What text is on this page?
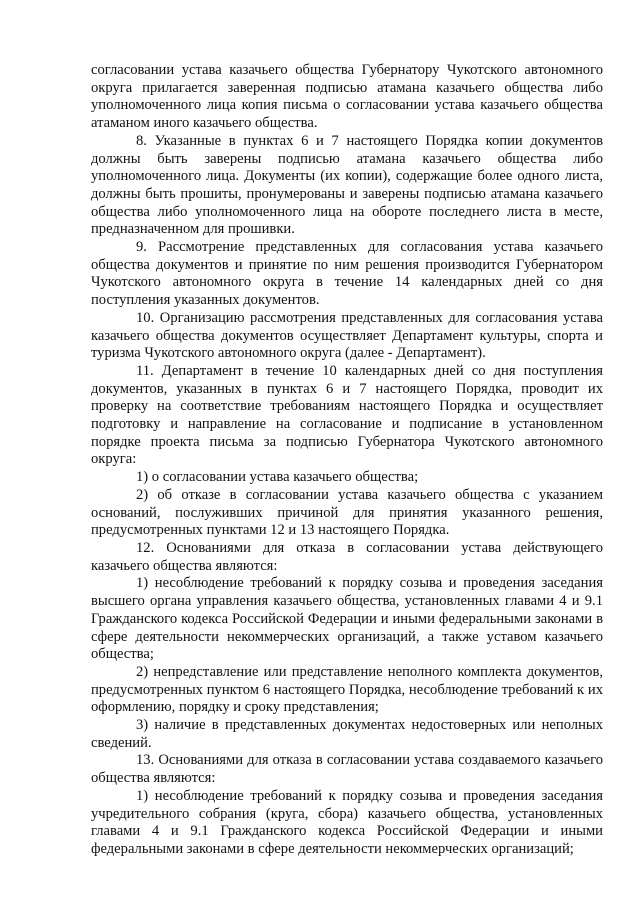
согласовании устава казачьего общества Губернатору Чукотского автономного округа прилагается заверенная подписью атамана казачьего общества либо уполномоченного лица копия письма о согласовании устава казачьего общества атаманом иного казачьего общества.

8. Указанные в пунктах 6 и 7 настоящего Порядка копии документов должны быть заверены подписью атамана казачьего общества либо уполномоченного лица. Документы (их копии), содержащие более одного листа, должны быть прошиты, пронумерованы и заверены подписью атамана казачьего общества либо уполномоченного лица на обороте последнего листа в месте, предназначенном для прошивки.

9. Рассмотрение представленных для согласования устава казачьего общества документов и принятие по ним решения производится Губернатором Чукотского автономного округа в течение 14 календарных дней со дня поступления указанных документов.

10. Организацию рассмотрения представленных для согласования устава казачьего общества документов осуществляет Департамент культуры, спорта и туризма Чукотского автономного округа (далее - Департамент).

11. Департамент в течение 10 календарных дней со дня поступления документов, указанных в пунктах 6 и 7 настоящего Порядка, проводит их проверку на соответствие требованиям настоящего Порядка и осуществляет подготовку и направление на согласование и подписание в установленном порядке проекта письма за подписью Губернатора Чукотского автономного округа:

1) о согласовании устава казачьего общества;

2) об отказе в согласовании устава казачьего общества с указанием оснований, послуживших причиной для принятия указанного решения, предусмотренных пунктами 12 и 13 настоящего Порядка.

12. Основаниями для отказа в согласовании устава действующего казачьего общества являются:

1) несоблюдение требований к порядку созыва и проведения заседания высшего органа управления казачьего общества, установленных главами 4 и 9.1 Гражданского кодекса Российской Федерации и иными федеральными законами в сфере деятельности некоммерческих организаций, а также уставом казачьего общества;

2) непредставление или представление неполного комплекта документов, предусмотренных пунктом 6 настоящего Порядка, несоблюдение требований к их оформлению, порядку и сроку представления;

3) наличие в представленных документах недостоверных или неполных сведений.

13. Основаниями для отказа в согласовании устава создаваемого казачьего общества являются:

1) несоблюдение требований к порядку созыва и проведения заседания учредительного собрания (круга, сбора) казачьего общества, установленных главами 4 и 9.1 Гражданского кодекса Российской Федерации и иными федеральными законами в сфере деятельности некоммерческих организаций;
